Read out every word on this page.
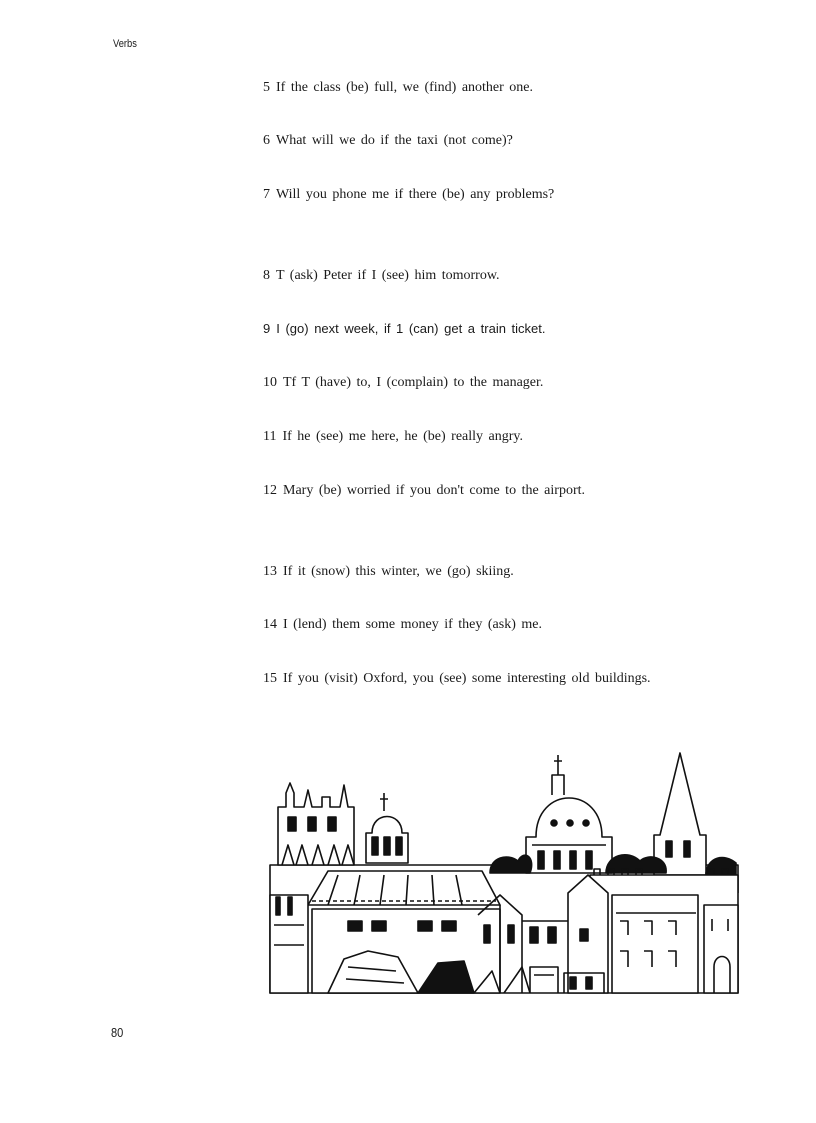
Verbs
5 If the class (be) full, we (find) another one.
6 What will we do if the taxi (not come)?
7 Will you phone me if there (be) any problems?
8 T (ask) Peter if I (see) him tomorrow.
9 I (go) next week, if 1 (can) get a train ticket.
10 Tf T (have) to, I (complain) to the manager.
11 If he (see) me here, he (be) really angry.
12 Mary (be) worried if you don't come to the airport.
13 If it (snow) this winter, we (go) skiing.
14 I (lend) them some money if they (ask) me.
15 If you (visit) Oxford, you (see) some interesting old buildings.
80
